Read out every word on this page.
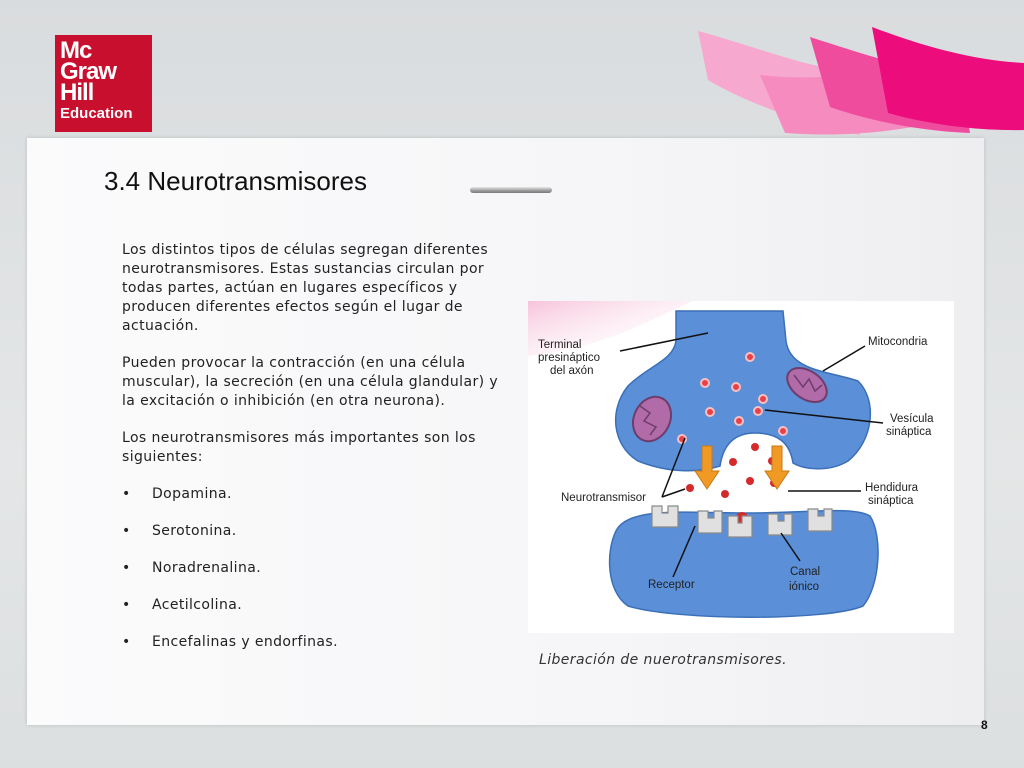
Mc
Graw
Hill
Education
3.4 Neurotransmisores

Los distintos tipos de células segregan diferentes neurotransmisores. Estas sustancias circulan por todas partes, actúan en lugares específicos y producen diferentes efectos según el lugar de actuación.

Pueden provocar la contracción (en una célula muscular), la secreción (en una célula glandular) y la excitación o inhibición (en otra neurona).

Los neurotransmisores más importantes son los siguientes:

•	Dopamina.
•	Serotonina.
•	Noradrenalina.
•	Acetilcolina.
•	Encefalinas y endorfinas.
Terminal
presináptico
del axón
Mitocondria
Vesícula
sináptica
Neurotransmisor
Hendidura
sináptica
Receptor
Canal
iónico
Liberación de nuerotransmisores.
8
